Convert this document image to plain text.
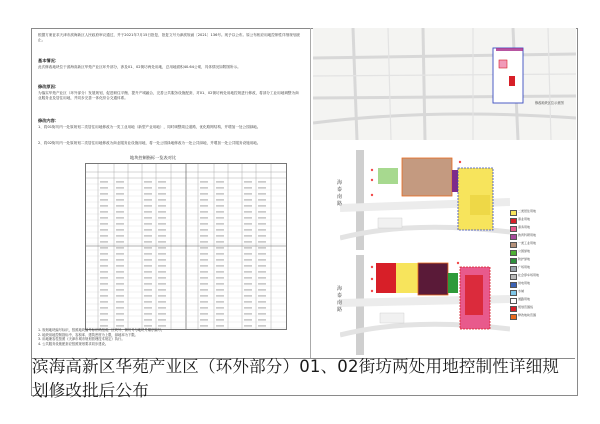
根据方案征求天津市滨海新区人民政府审议通过，并于2021年7月15日批复，批复文号为津滨规函〔2021〕136号。现予以公布。原公布相应用地控制性详细规划废止。
基本情况：
此次修改地块位于滨海高新区华苑产业区环外部分，涉及01、02街坊两处用地，总用地面积40.64公顷，具体情况如附图所示。
修改原因：
为落实华苑产业区（环外部分）发展规划，促进职住平衡、提升产城融合，完善公共服务设施配套，对01、02街坊两处用地控规进行修改，将部分工业用地调整为商业服务业及居住用地，并同步完善一体化综合交通体系。
修改内容：
1、将01街坊内一处原规划二类居住用地修改为一类工业用地（新型产业用地），同时调整周边道路，优化路网结构，并增加一处公园绿地。
2、将02街坊内一处原规划二类居住用地修改为商业服务业设施用地，将一处公园绿地修改为一处公共绿地，并增加一处公共服务设施用地。
地块控制指标一览表对比
1. 规划地块编号标识，按照地块编号标识码组成；区块号、街坊号与地块号顺序编号。
2. 地块用地控制指标中，容积率、建筑密度为上限，绿地率为下限。
3. 用地兼容性按照《天津市城市规划管理技术规定》执行。
4. 公共服务设施配套应按照规划要求同步建设。
修改地块区位示意图
海 泰 南 路
海 泰 南 路
二类居住用地
商业用地
商务用地
教育科研用地
一类工业用地
公园绿地
防护绿地
广场用地
社会停车场用地
供电用地
水域
道路用地
规划范围线
修改地块范围
滨海高新区华苑产业区（环外部分）01、02街坊两处用地控制性详细规划修改批后公布
